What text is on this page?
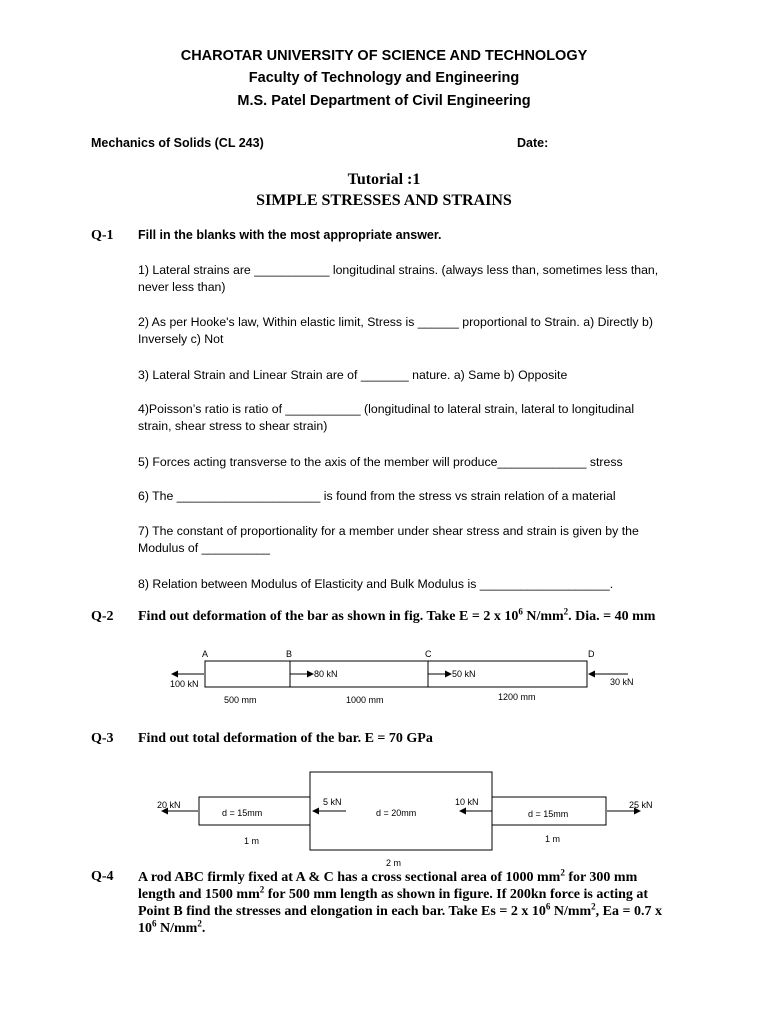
CHAROTAR UNIVERSITY OF SCIENCE AND TECHNOLOGY
Faculty of Technology and Engineering
M.S. Patel Department of Civil Engineering
Mechanics of Solids (CL 243)	Date:
Tutorial :1
SIMPLE STRESSES AND STRAINS
Q-1 Fill in the blanks with the most appropriate answer.
1) Lateral strains are ___________ longitudinal strains. (always less than, sometimes less than, never less than)
2) As per Hooke's law, Within elastic limit, Stress is ______ proportional to Strain. a) Directly b) Inversely c) Not
3) Lateral Strain and Linear Strain are of _______ nature. a) Same b) Opposite
4)Poisson’s ratio is ratio of ___________ (longitudinal to lateral strain, lateral to longitudinal strain, shear stress to shear strain)
5) Forces acting transverse to the axis of the member will produce_____________ stress
6) The _____________________ is found from the stress vs strain relation of a material
7) The constant of proportionality for a member under shear stress and strain is given by the Modulus of __________
8) Relation between Modulus of Elasticity and Bulk Modulus is ___________________.
Q-2 Find out deformation of the bar as shown in fig. Take E = 2 x $10^6$ $N/mm^2$. Dia. = 40 mm
A	B	C	D
100 kN
80 kN	50 kN
30 kN
500 mm	1000 mm	1200 mm
Q-3 Find out total deformation of the bar. E = 70 GPa
20 kN	5 kN	10 kN	25 kN
d = 15mm	d = 20mm	d = 15mm
1 m
2 m
1 m
Q-4 A rod ABC firmly fixed at A & C has a cross sectional area of 1000 $mm^2$ for 300 mm length and 1500 $mm^2$ for 500 mm length as shown in figure. If 200kn force is acting at Point B find the stresses and elongation in each bar. Take Es = 2 x $10^6$ $N/mm^2$, Ea = 0.7 x $10^6$ $N/mm^2$.
